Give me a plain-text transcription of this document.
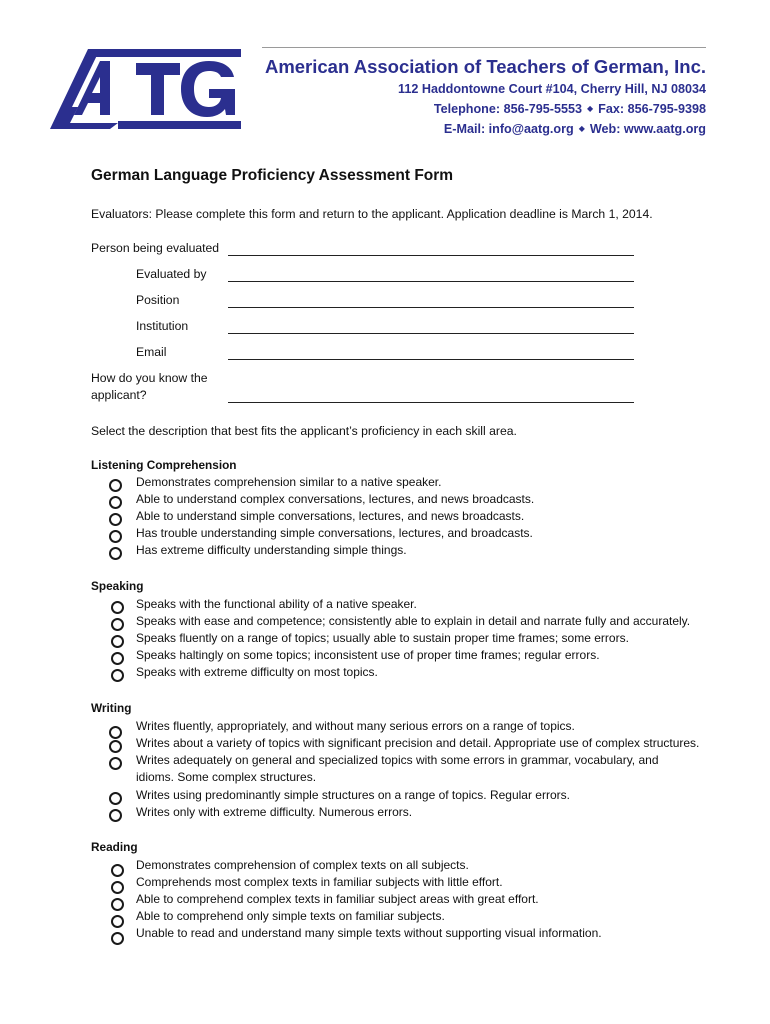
American Association of Teachers of German, Inc.
112 Haddontowne Court #104, Cherry Hill, NJ 08034
Telephone: 856-795-5553 ◆ Fax: 856-795-9398
E-Mail: info@aatg.org ◆ Web: www.aatg.org
German Language Proficiency Assessment Form
Evaluators: Please complete this form and return to the applicant. Application deadline is March 1, 2014.
Person being evaluated
Evaluated by
Position
Institution
Email
How do you know the
applicant?
Select the description that best fits the applicant’s proficiency in each skill area.
Listening Comprehension
Demonstrates comprehension similar to a native speaker.
Able to understand complex conversations, lectures, and news broadcasts.
Able to understand simple conversations, lectures, and news broadcasts.
Has trouble understanding simple conversations, lectures, and broadcasts.
Has extreme difficulty understanding simple things.
Speaking
Speaks with the functional ability of a native speaker.
Speaks with ease and competence; consistently able to explain in detail and narrate fully and accurately.
Speaks fluently on a range of topics; usually able to sustain proper time frames; some errors.
Speaks haltingly on some topics; inconsistent use of proper time frames; regular errors.
Speaks with extreme difficulty on most topics.
Writing
Writes fluently, appropriately, and without many serious errors on a range of topics.
Writes about a variety of topics with significant precision and detail. Appropriate use of complex structures.
Writes adequately on general and specialized topics with some errors in grammar, vocabulary, and idioms. Some complex structures.
Writes using predominantly simple structures on a range of topics. Regular errors.
Writes only with extreme difficulty. Numerous errors.
Reading
Demonstrates comprehension of complex texts on all subjects.
Comprehends most complex texts in familiar subjects with little effort.
Able to comprehend complex texts in familiar subject areas with great effort.
Able to comprehend only simple texts on familiar subjects.
Unable to read and understand many simple texts without supporting visual information.
